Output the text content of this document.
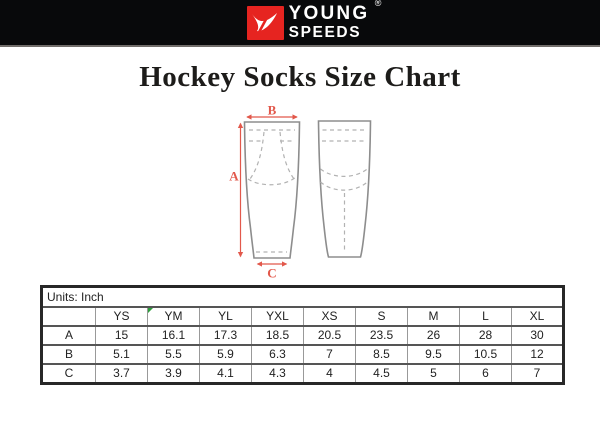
YOUNG
SPEEDS
®
Hockey Socks Size Chart
B
A
C
Units: Inch									
	YS	YM	YL	YXL	XS	S	M	L	XL
A	15	16.1	17.3	18.5	20.5	23.5	26	28	30
B	5.1	5.5	5.9	6.3	7	8.5	9.5	10.5	12
C	3.7	3.9	4.1	4.3	4	4.5	5	6	7
